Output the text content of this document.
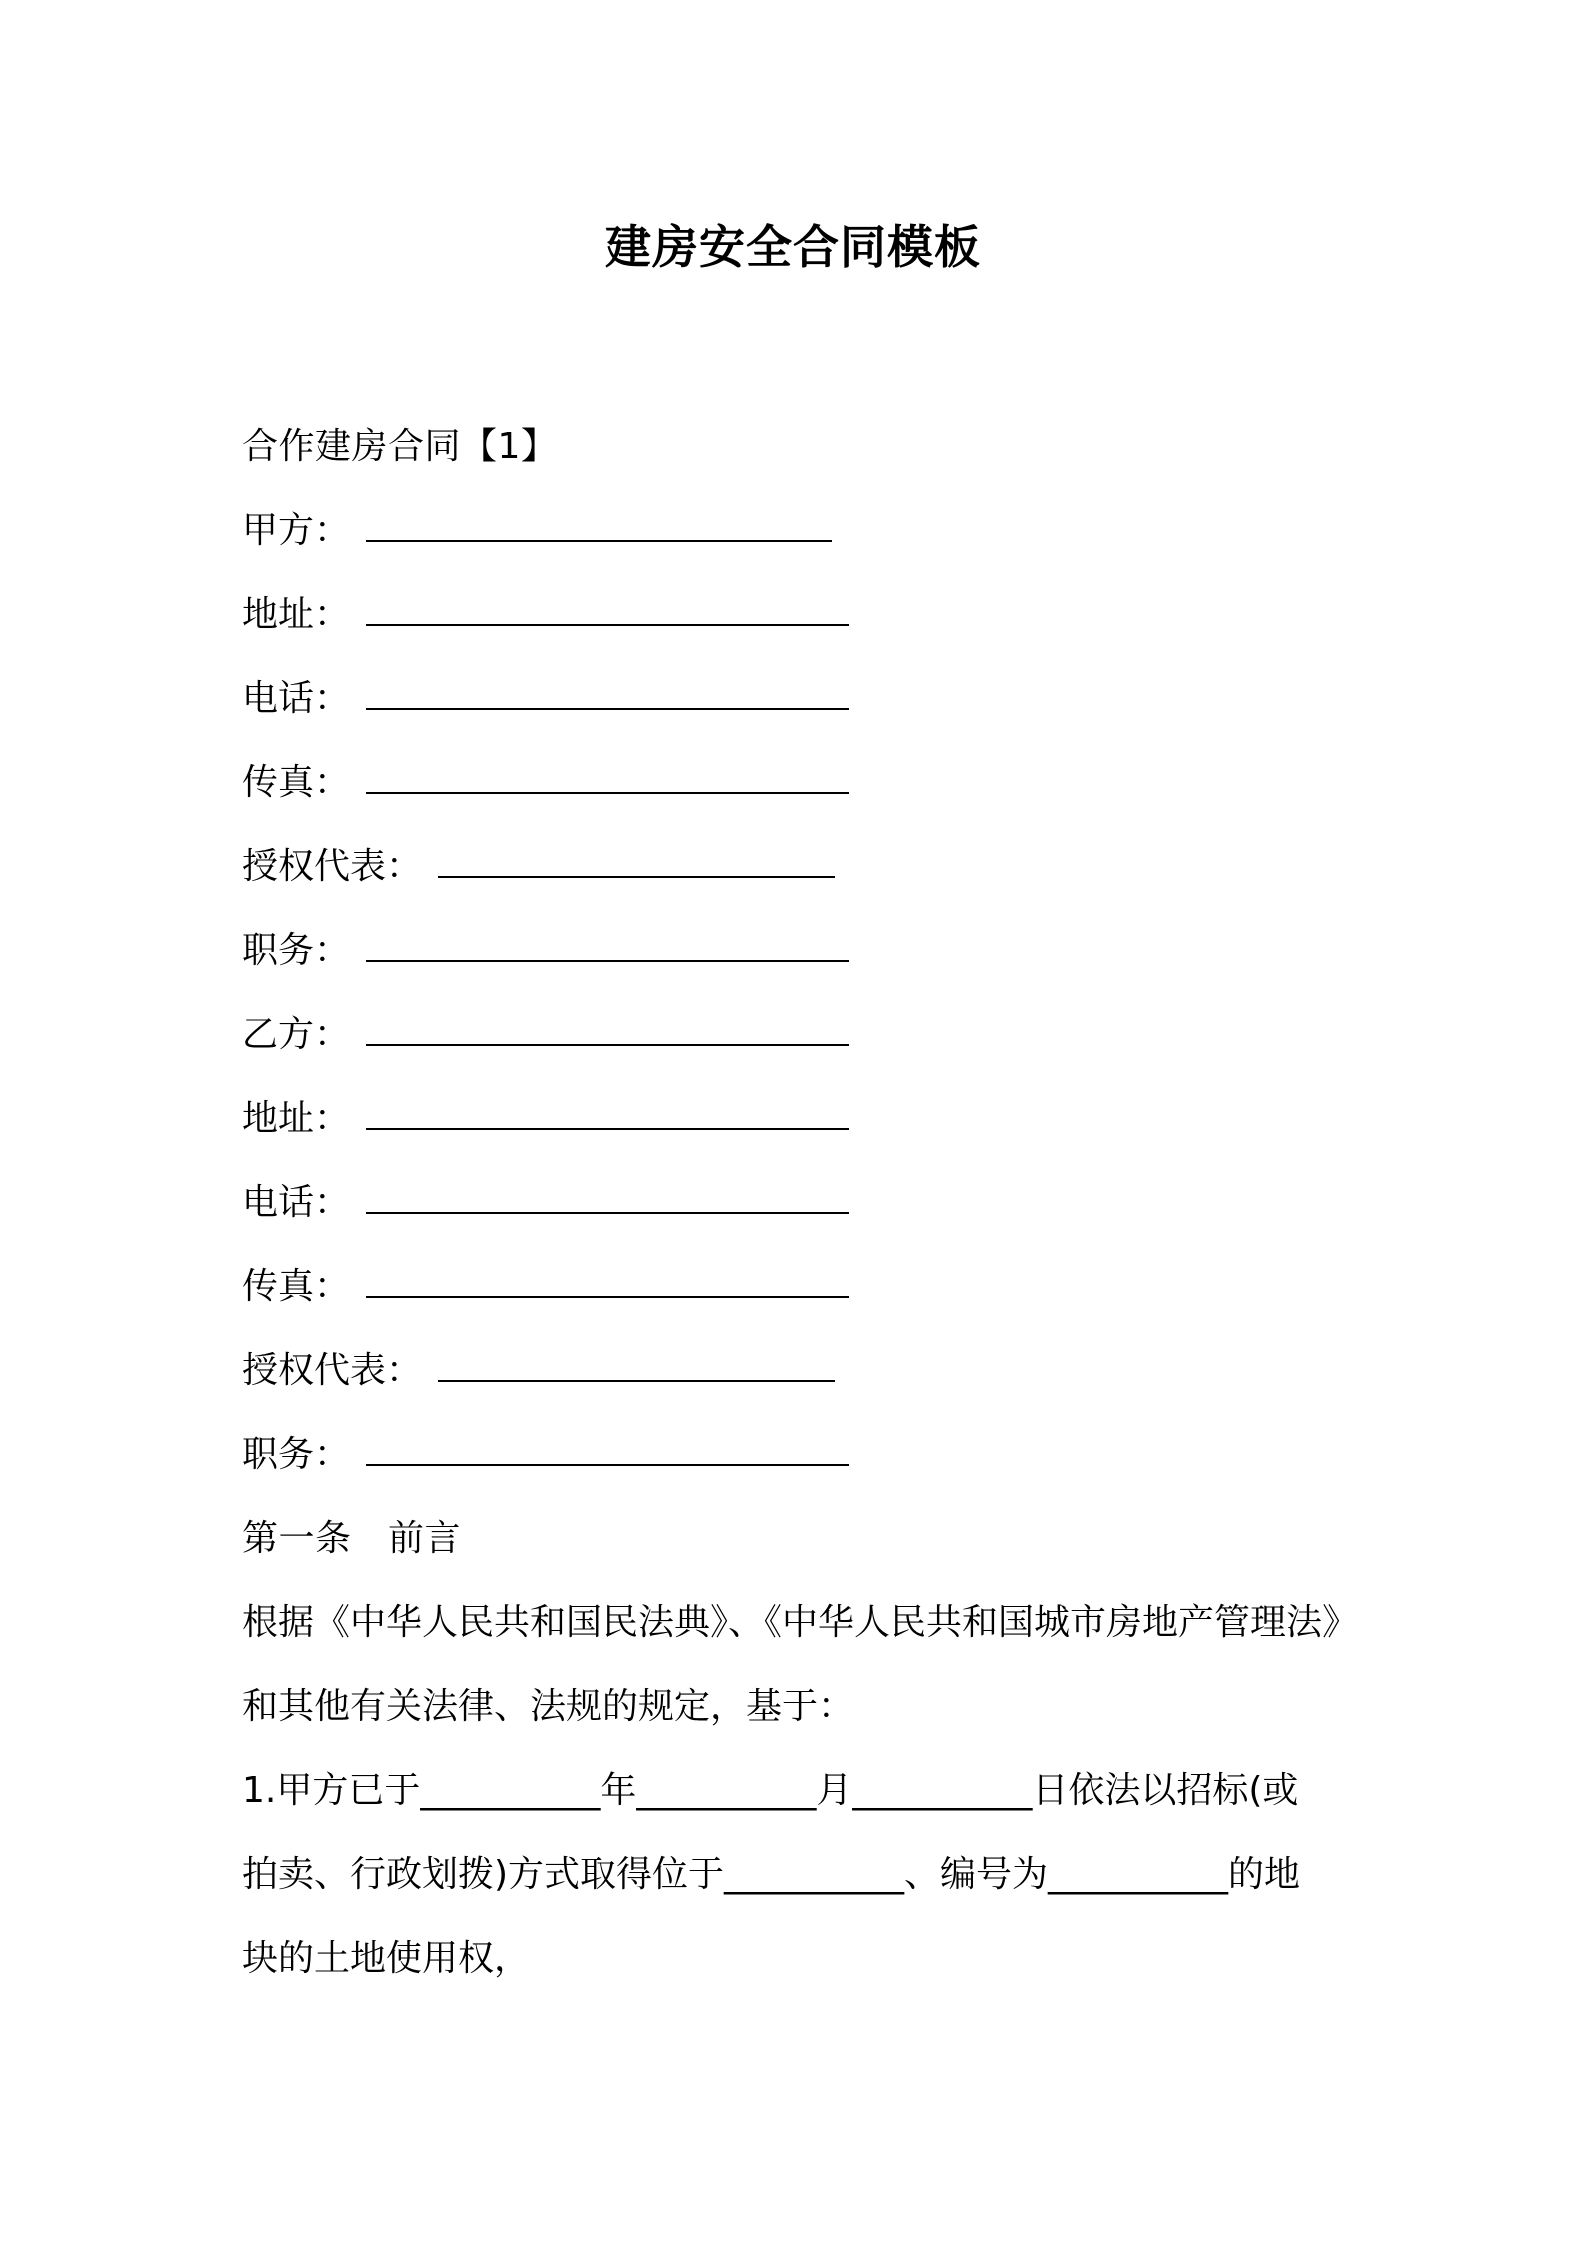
建房安全合同模板
合作建房合同【1】
甲方：
地址：
电话：
传真：
授权代表：
职务：
乙方：
地址：
电话：
传真：
授权代表：
职务：
第一条　前言
根据《中华人民共和国民法典》、《中华人民共和国城市房地产管理法》
和其他有关法律、法规的规定，基于：
1.甲方已于__________年__________月__________日依法以招标(或
拍卖、行政划拨)方式取得位于__________、编号为__________的地
块的土地使用权，
